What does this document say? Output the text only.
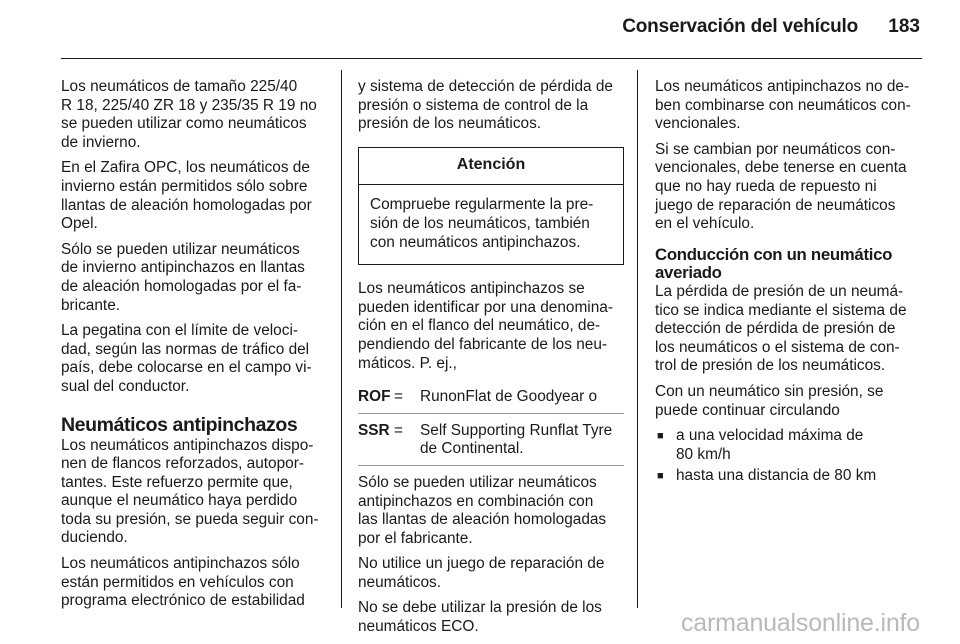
Conservación del vehículo 183

Los neumáticos de tamaño 225/40
R 18, 225/40 ZR 18 y 235/35 R 19 no
se pueden utilizar como neumáticos
de invierno.

En el Zafira OPC, los neumáticos de
invierno están permitidos sólo sobre
llantas de aleación homologadas por
Opel.

Sólo se pueden utilizar neumáticos
de invierno antipinchazos en llantas
de aleación homologadas por el fa-
bricante.

La pegatina con el límite de veloci-
dad, según las normas de tráfico del
país, debe colocarse en el campo vi-
sual del conductor.

Neumáticos antipinchazos

Los neumáticos antipinchazos dispo-
nen de flancos reforzados, autopor-
tantes. Este refuerzo permite que,
aunque el neumático haya perdido
toda su presión, se pueda seguir con-
duciendo.

Los neumáticos antipinchazos sólo
están permitidos en vehículos con
programa electrónico de estabilidad

y sistema de detección de pérdida de
presión o sistema de control de la
presión de los neumáticos.

Atención
Compruebe regularmente la pre-
sión de los neumáticos, también
con neumáticos antipinchazos.

Los neumáticos antipinchazos se
pueden identificar por una denomina-
ción en el flanco del neumático, de-
pendiendo del fabricante de los neu-
máticos. P. ej.,

ROF =	RunonFlat de Goodyear o
SSR =	Self Supporting Runflat Tyre
de Continental.

Sólo se pueden utilizar neumáticos
antipinchazos en combinación con
las llantas de aleación homologadas
por el fabricante.

No utilice un juego de reparación de
neumáticos.

No se debe utilizar la presión de los
neumáticos ECO.

Los neumáticos antipinchazos no de-
ben combinarse con neumáticos con-
vencionales.

Si se cambian por neumáticos con-
vencionales, debe tenerse en cuenta
que no hay rueda de repuesto ni
juego de reparación de neumáticos
en el vehículo.

Conducción con un neumático
averiado

La pérdida de presión de un neumá-
tico se indica mediante el sistema de
detección de pérdida de presión de
los neumáticos o el sistema de con-
trol de presión de los neumáticos.

Con un neumático sin presión, se
puede continuar circulando

■ a una velocidad máxima de
80 km/h
■ hasta una distancia de 80 km
carmanualsonline.info
